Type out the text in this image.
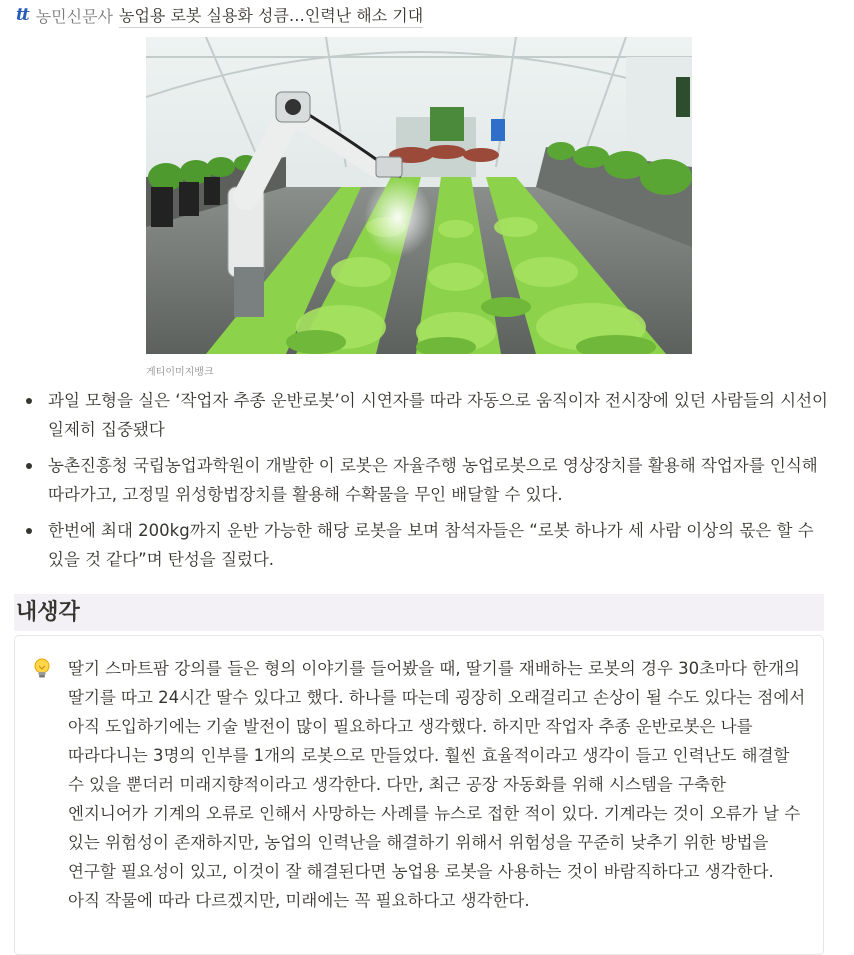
tt 농민신문사 농업용 로봇 실용화 성큼…인력난 해소 기대
게티이미지뱅크
과일 모형을 실은 ‘작업자 추종 운반로봇’이 시연자를 따라 자동으로 움직이자 전시장에 있던 사람들의 시선이 일제히 집중됐다
농촌진흥청 국립농업과학원이 개발한 이 로봇은 자율주행 농업로봇으로 영상장치를 활용해 작업자를 인식해 따라가고, 고정밀 위성항법장치를 활용해 수확물을 무인 배달할 수 있다.
한번에 최대 200kg까지 운반 가능한 해당 로봇을 보며 참석자들은 “로봇 하나가 세 사람 이상의 몫은 할 수 있을 것 같다”며 탄성을 질렀다.
내생각
딸기 스마트팜 강의를 들은 형의 이야기를 들어봤을 때, 딸기를 재배하는 로봇의 경우 30초마다 한개의 딸기를 따고 24시간 딸수 있다고 했다. 하나를 따는데 굉장히 오래걸리고 손상이 될 수도 있다는 점에서 아직 도입하기에는 기술 발전이 많이 필요하다고 생각했다. 하지만 작업자 추종 운반로봇은 나를 따라다니는 3명의 인부를 1개의 로봇으로 만들었다. 훨씬 효율적이라고 생각이 들고 인력난도 해결할 수 있을 뿐더러 미래지향적이라고 생각한다. 다만, 최근 공장 자동화를 위해 시스템을 구축한 엔지니어가 기계의 오류로 인해서 사망하는 사례를 뉴스로 접한 적이 있다. 기계라는 것이 오류가 날 수 있는 위험성이 존재하지만, 농업의 인력난을 해결하기 위해서 위험성을 꾸준히 낮추기 위한 방법을 연구할 필요성이 있고, 이것이 잘 해결된다면 농업용 로봇을 사용하는 것이 바람직하다고 생각한다. 아직 작물에 따라 다르겠지만, 미래에는 꼭 필요하다고 생각한다.
